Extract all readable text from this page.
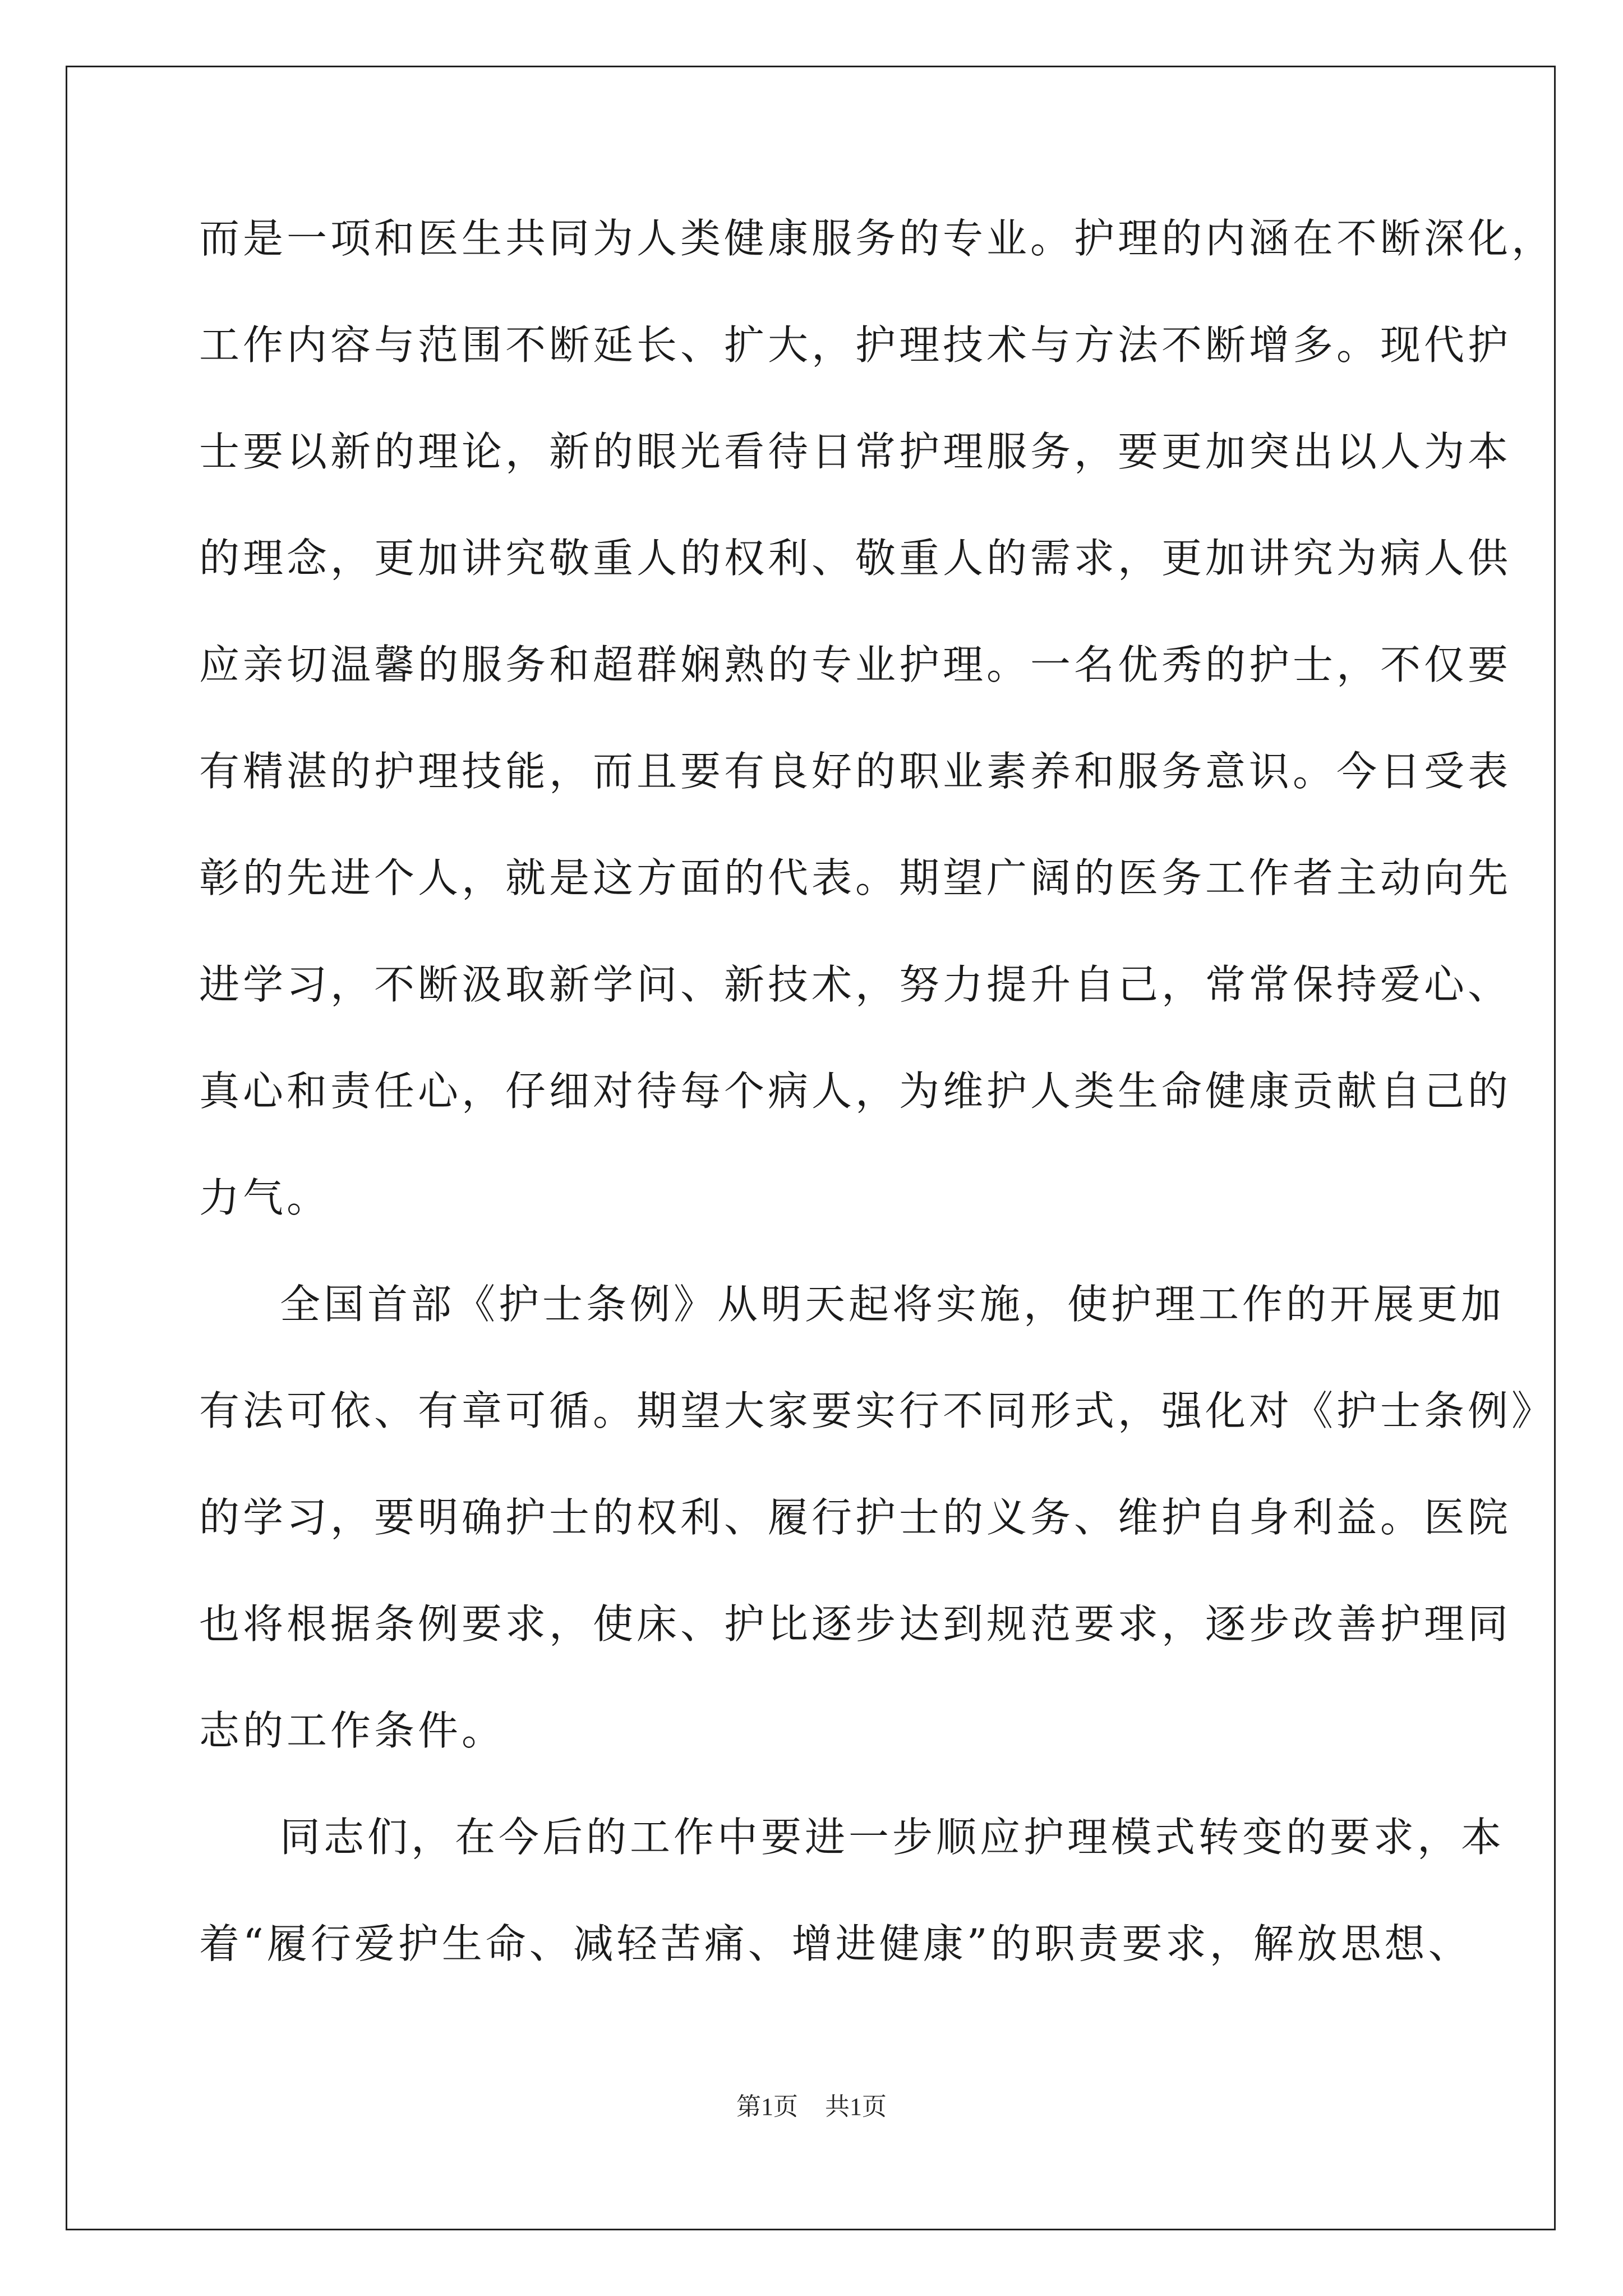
而是一项和医生共同为人类健康服务的专业。护理的内涵在不断深化，
工作内容与范围不断延长、扩大，护理技术与方法不断增多。现代护
士要以新的理论，新的眼光看待日常护理服务，要更加突出以人为本
的理念，更加讲究敬重人的权利、敬重人的需求，更加讲究为病人供
应亲切温馨的服务和超群娴熟的专业护理。一名优秀的护士，不仅要
有精湛的护理技能，而且要有良好的职业素养和服务意识。今日受表
彰的先进个人，就是这方面的代表。期望广阔的医务工作者主动向先
进学习，不断汲取新学问、新技术，努力提升自己，常常保持爱心、
真心和责任心，仔细对待每个病人，为维护人类生命健康贡献自己的
力气。
全国首部《护士条例》从明天起将实施，使护理工作的开展更加
有法可依、有章可循。期望大家要实行不同形式，强化对《护士条例》
的学习，要明确护士的权利、履行护士的义务、维护自身利益。医院
也将根据条例要求，使床、护比逐步达到规范要求，逐步改善护理同
志的工作条件。
同志们，在今后的工作中要进一步顺应护理模式转变的要求，本
着“履行爱护生命、减轻苦痛、增进健康”的职责要求，解放思想、
第1页 共1页
